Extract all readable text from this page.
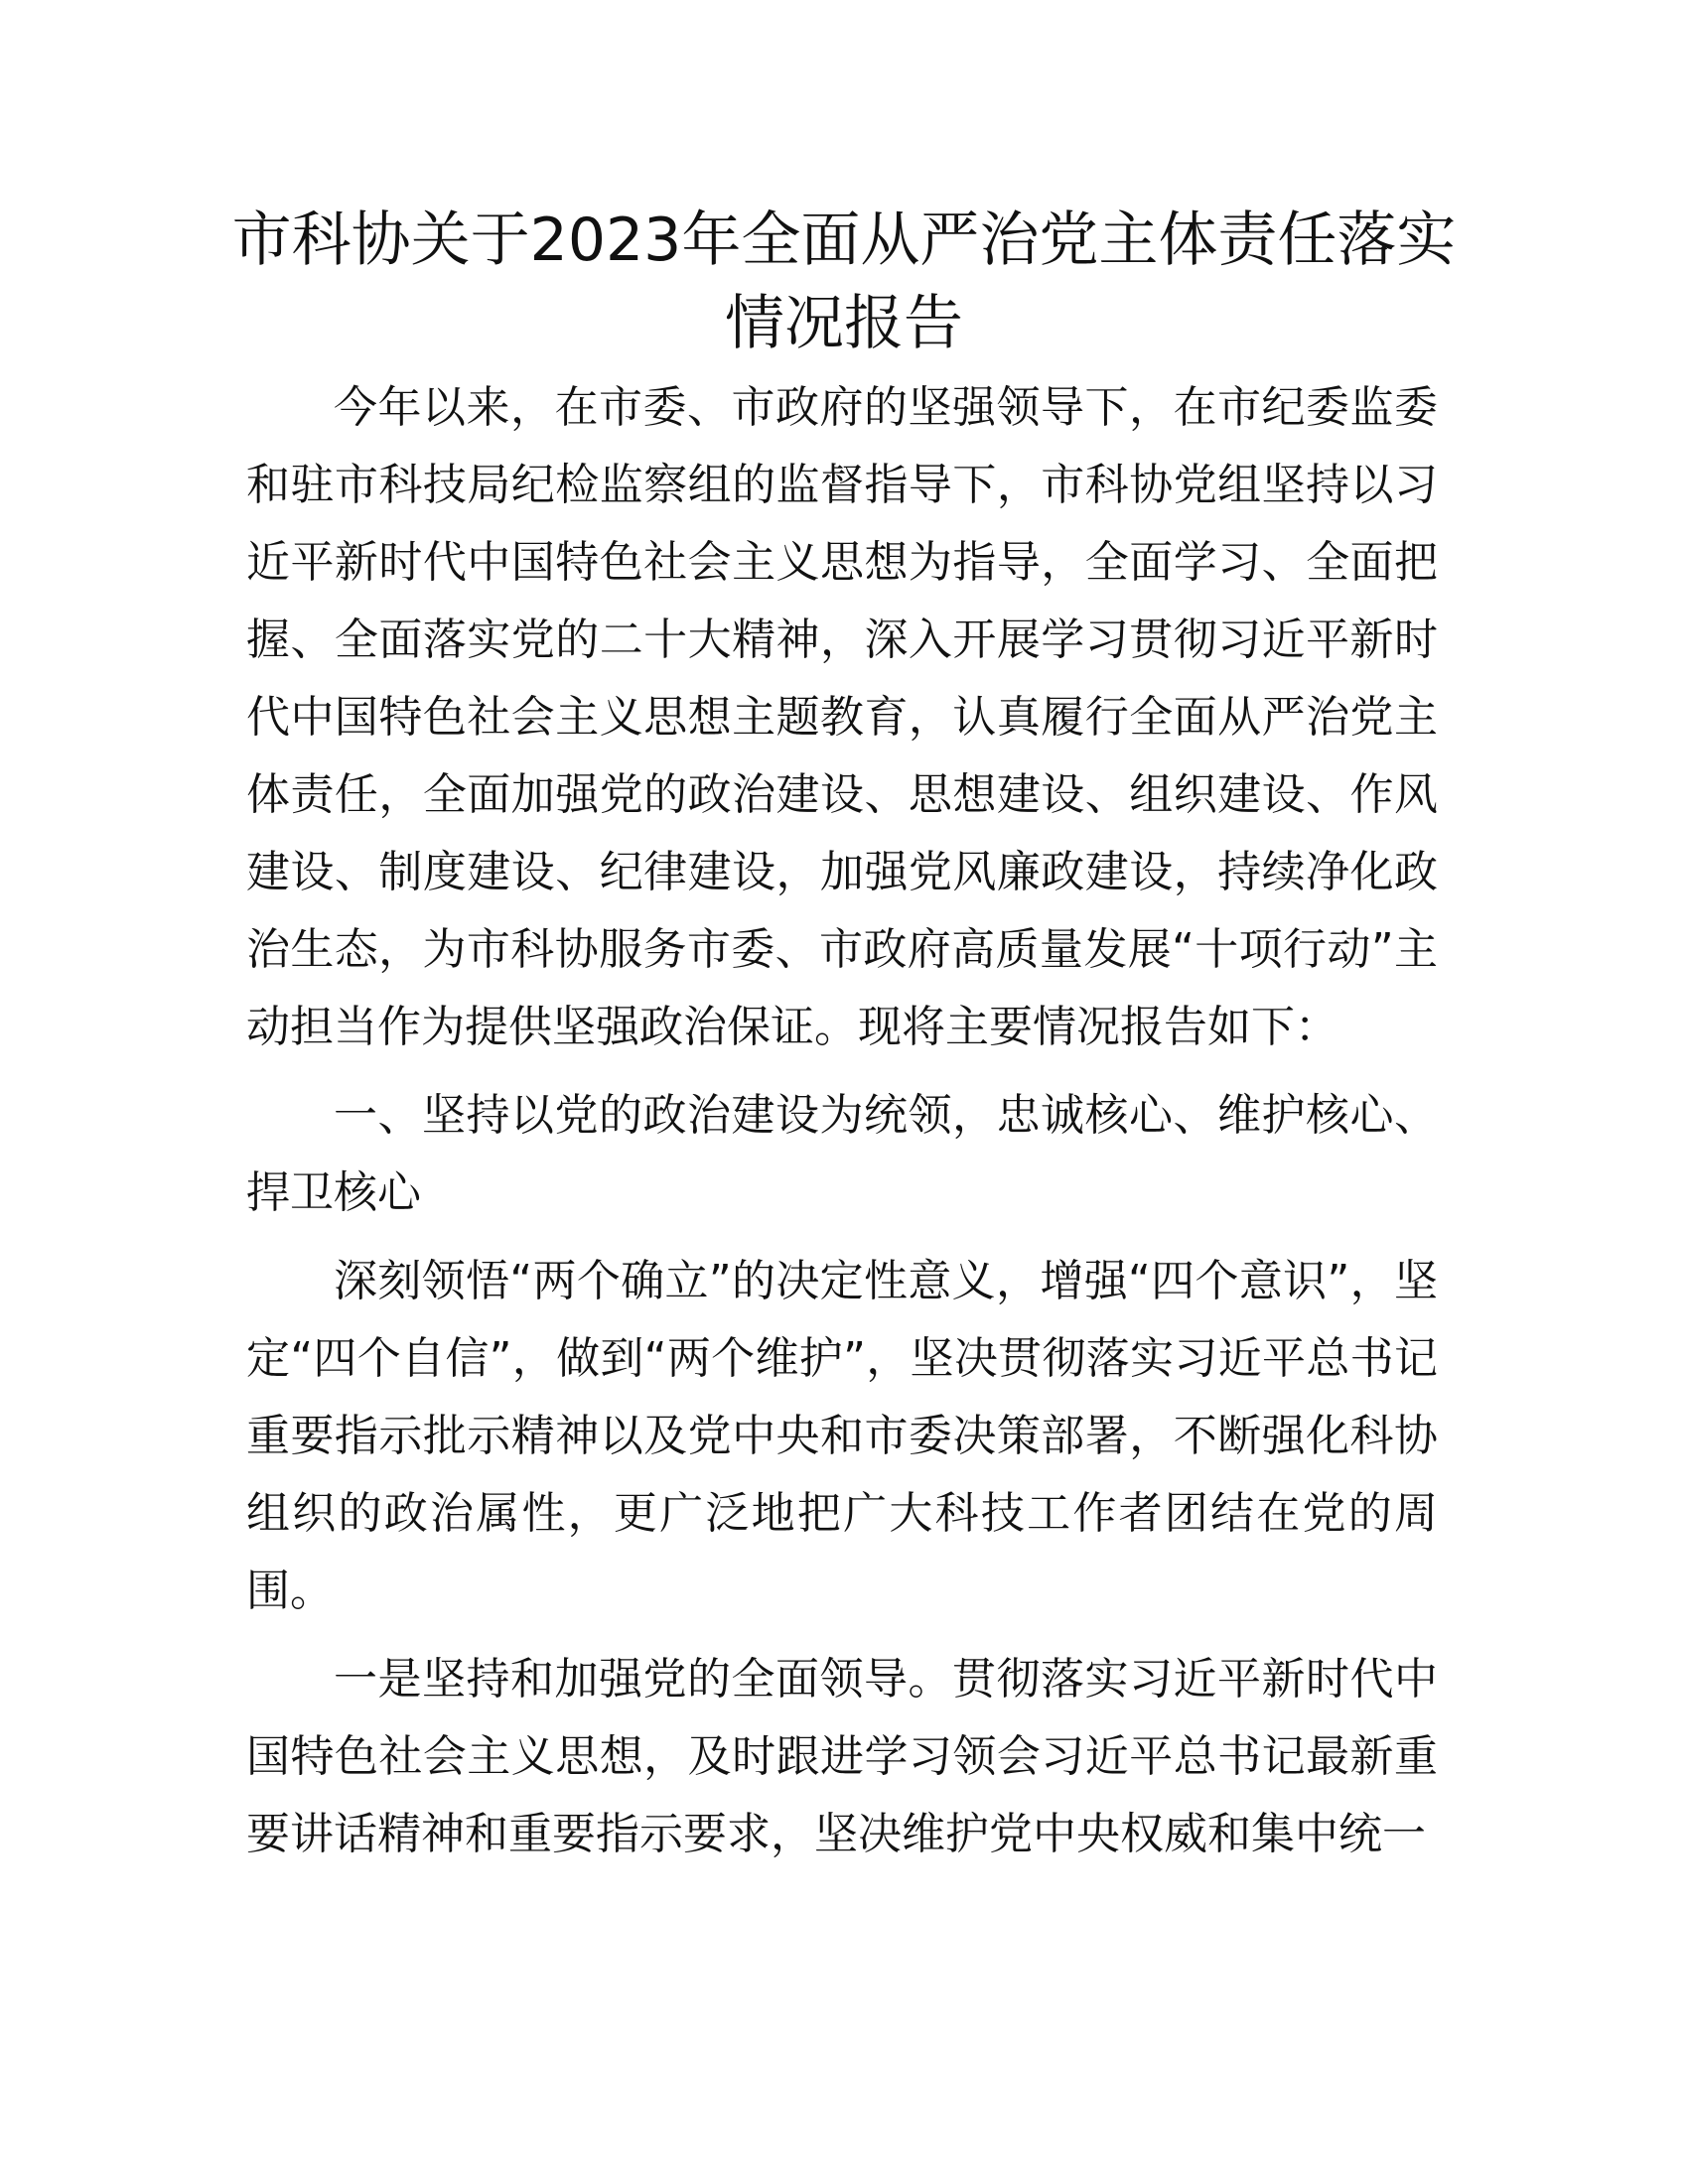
市科协关于2023年全面从严治党主体责任落实
情况报告

今年以来，在市委、市政府的坚强领导下，在市纪委监委和驻市科技局纪检监察组的监督指导下，市科协党组坚持以习近平新时代中国特色社会主义思想为指导，全面学习、全面把握、全面落实党的二十大精神，深入开展学习贯彻习近平新时代中国特色社会主义思想主题教育，认真履行全面从严治党主体责任，全面加强党的政治建设、思想建设、组织建设、作风建设、制度建设、纪律建设，加强党风廉政建设，持续净化政治生态，为市科协服务市委、市政府高质量发展“十项行动”主动担当作为提供坚强政治保证。现将主要情况报告如下：

一、坚持以党的政治建设为统领，忠诚核心、维护核心、捍卫核心

深刻领悟“两个确立”的决定性意义，增强“四个意识”，坚定“四个自信”，做到“两个维护”，坚决贯彻落实习近平总书记重要指示批示精神以及党中央和市委决策部署，不断强化科协组织的政治属性，更广泛地把广大科技工作者团结在党的周围。

一是坚持和加强党的全面领导。贯彻落实习近平新时代中国特色社会主义思想，及时跟进学习领会习近平总书记最新重要讲话精神和重要指示要求，坚决维护党中央权威和集中统一
